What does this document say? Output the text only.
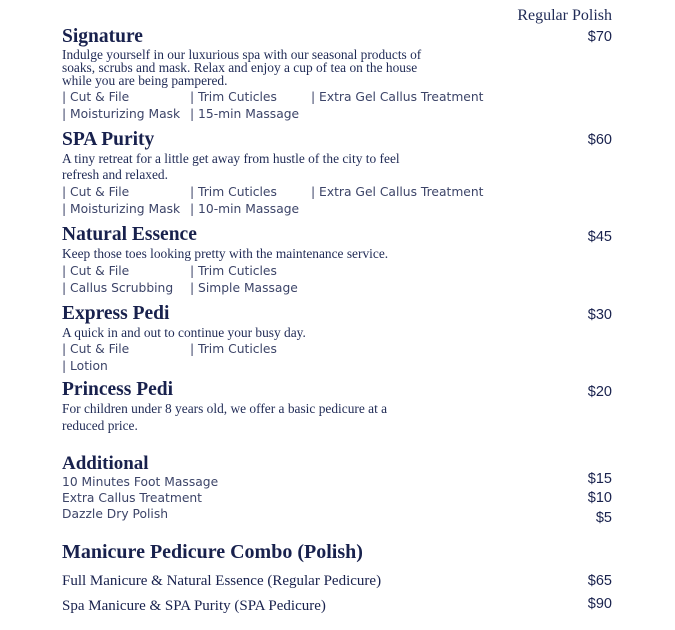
Regular Polish
Signature	$70

Indulge yourself in our luxurious spa with our seasonal products of soaks, scrubs and mask. Relax and enjoy a cup of tea on the house while you are being pampered.

| Cut & File	| Trim Cuticles	| Extra Gel Callus Treatment
| Moisturizing Mask | 15-min Massage
SPA Purity	$60

A tiny retreat for a little get away from hustle of the city to feel refresh and relaxed.

| Cut & File	| Trim Cuticles	| Extra Gel Callus Treatment
| Moisturizing Mask | 10-min Massage
Natural Essence	$45

Keep those toes looking pretty with the maintenance service.

| Cut & File	| Trim Cuticles
| Callus Scrubbing	| Simple Massage
Express Pedi	$30

A quick in and out to continue your busy day.

| Cut & File	| Trim Cuticles
| Lotion
Princess Pedi	$20

For children under 8 years old, we offer a basic pedicure at a reduced price.

Additional
10 Minutes Foot Massage	$15
Extra Callus Treatment	$10
Dazzle Dry Polish	$5
Manicure Pedicure Combo (Polish)
Full Manicure & Natural Essence (Regular Pedicure)	$65
Spa Manicure & SPA Purity (SPA Pedicure)	$90
